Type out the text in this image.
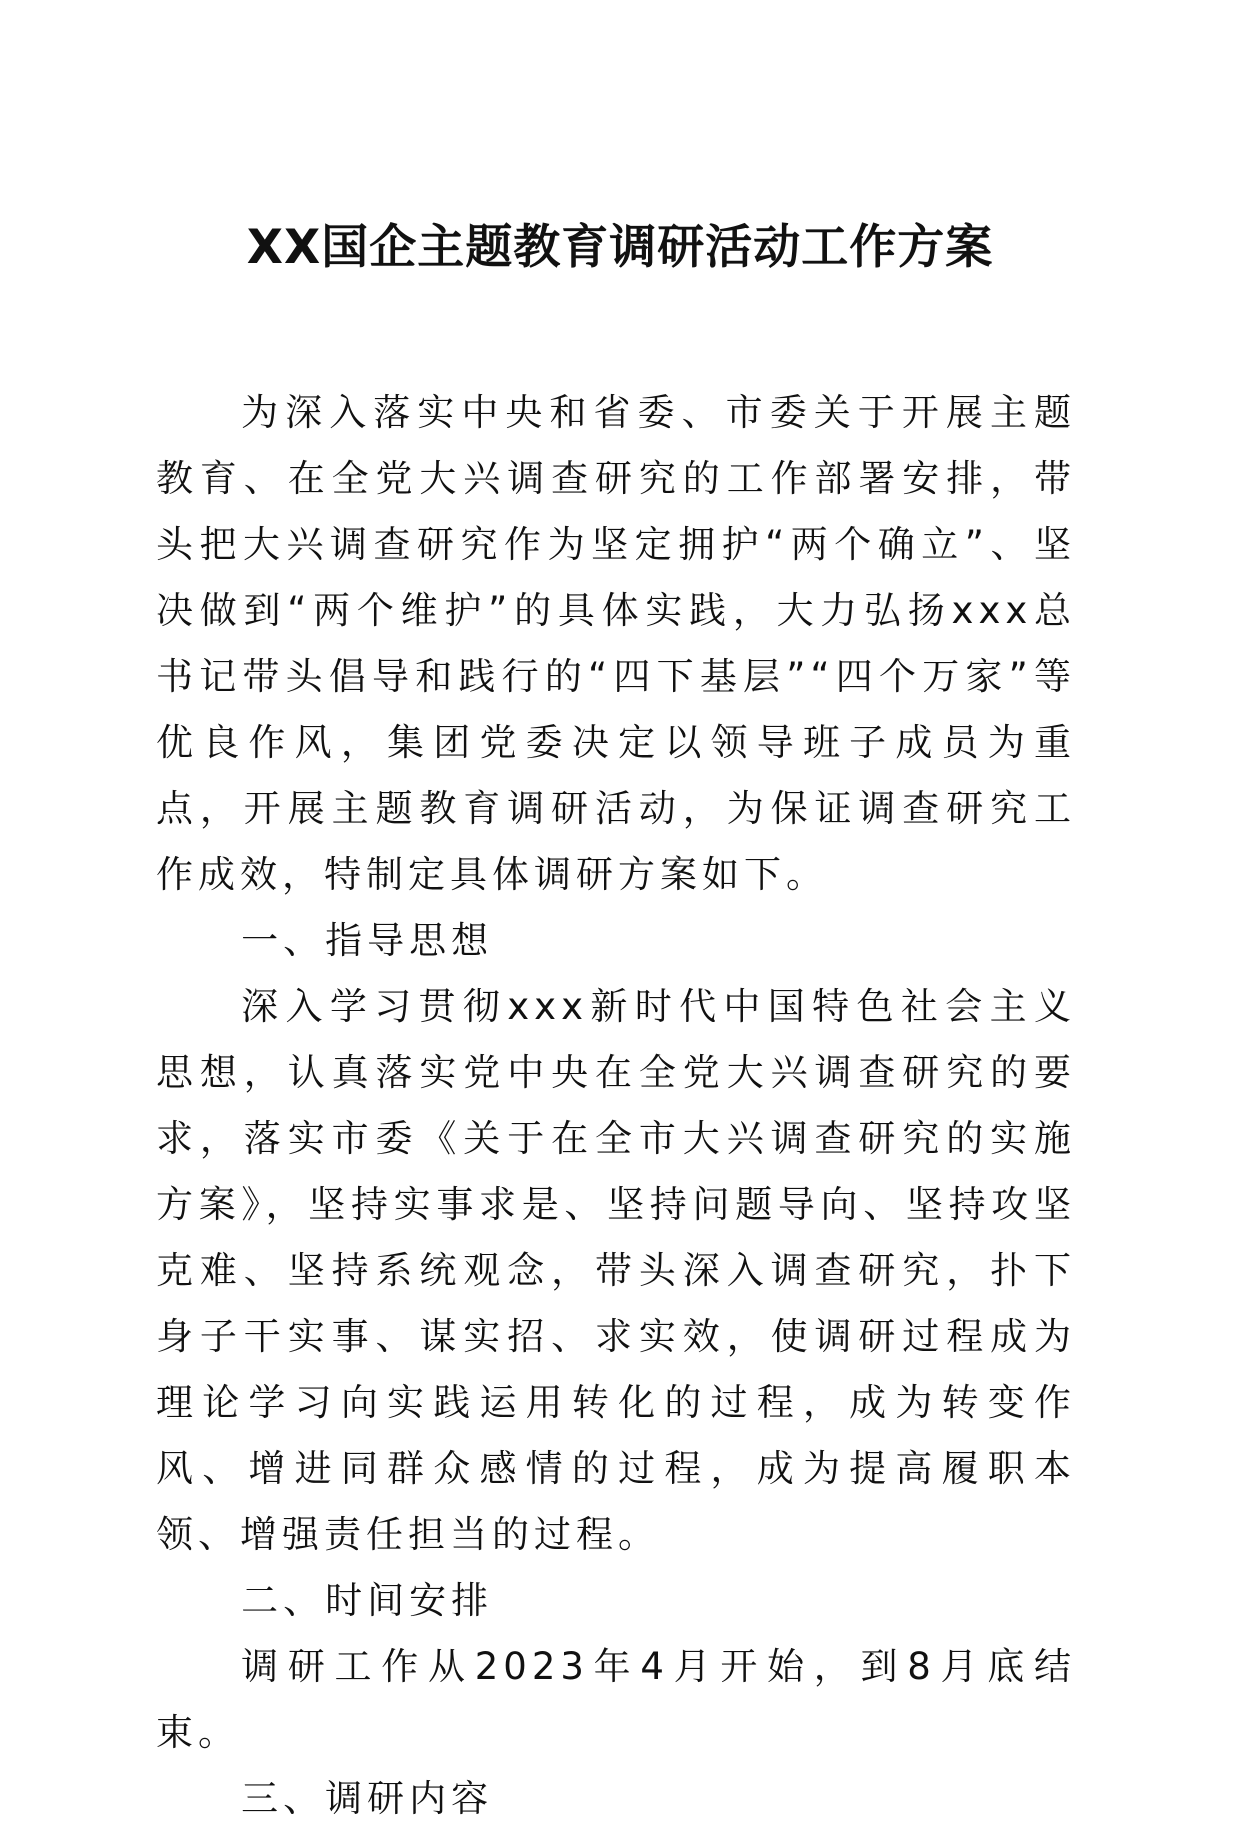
XX国企主题教育调研活动工作方案

为深入落实中央和省委、市委关于开展主题教育、在全党大兴调查研究的工作部署安排，带头把大兴调查研究作为坚定拥护“两个确立”、坚决做到“两个维护”的具体实践，大力弘扬xxx总书记带头倡导和践行的“四下基层”“四个万家”等优良作风，集团党委决定以领导班子成员为重点，开展主题教育调研活动，为保证调查研究工作成效，特制定具体调研方案如下。

一、指导思想

深入学习贯彻xxx新时代中国特色社会主义思想，认真落实党中央在全党大兴调查研究的要求，落实市委《关于在全市大兴调查研究的实施方案》，坚持实事求是、坚持问题导向、坚持攻坚克难、坚持系统观念，带头深入调查研究，扑下身子干实事、谋实招、求实效，使调研过程成为理论学习向实践运用转化的过程，成为转变作风、增进同群众感情的过程，成为提高履职本领、增强责任担当的过程。

二、时间安排

调研工作从2023年4月开始，到8月底结束。

三、调研内容
